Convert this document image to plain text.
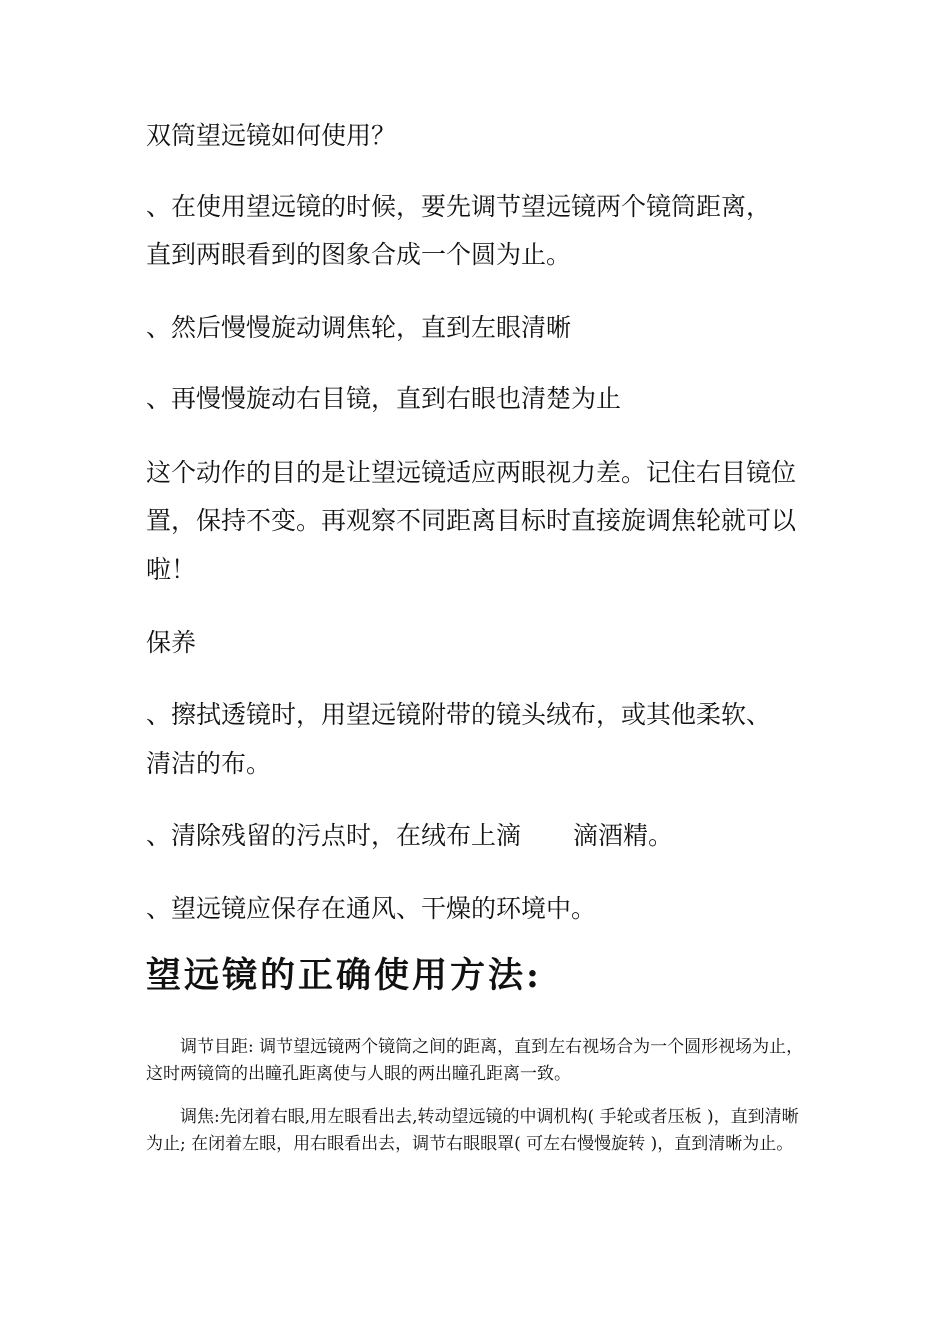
双筒望远镜如何使用？

、在使用望远镜的时候，要先调节望远镜两个镜筒距离，

直到两眼看到的图象合成一个圆为止。

、然后慢慢旋动调焦轮，直到左眼清晰

、再慢慢旋动右目镜，直到右眼也清楚为止

这个动作的目的是让望远镜适应两眼视力差。记住右目镜位

置，保持不变。再观察不同距离目标时直接旋调焦轮就可以

啦！

保养

、擦拭透镜时，用望远镜附带的镜头绒布，或其他柔软、

清洁的布。

、清除残留的污点时，在绒布上滴 滴酒精。

、望远镜应保存在通风、干燥的环境中。

望远镜的正确使用方法:

调节目距: 调节望远镜两个镜筒之间的距离，直到左右视场合为一个圆形视场为止，这时两镜筒的出瞳孔距离使与人眼的两出瞳孔距离一致。

调焦:先闭着右眼,用左眼看出去,转动望远镜的中调机构( 手轮或者压板 )，直到清晰为止; 在闭着左眼，用右眼看出去，调节右眼眼罩( 可左右慢慢旋转 )，直到清晰为止。
